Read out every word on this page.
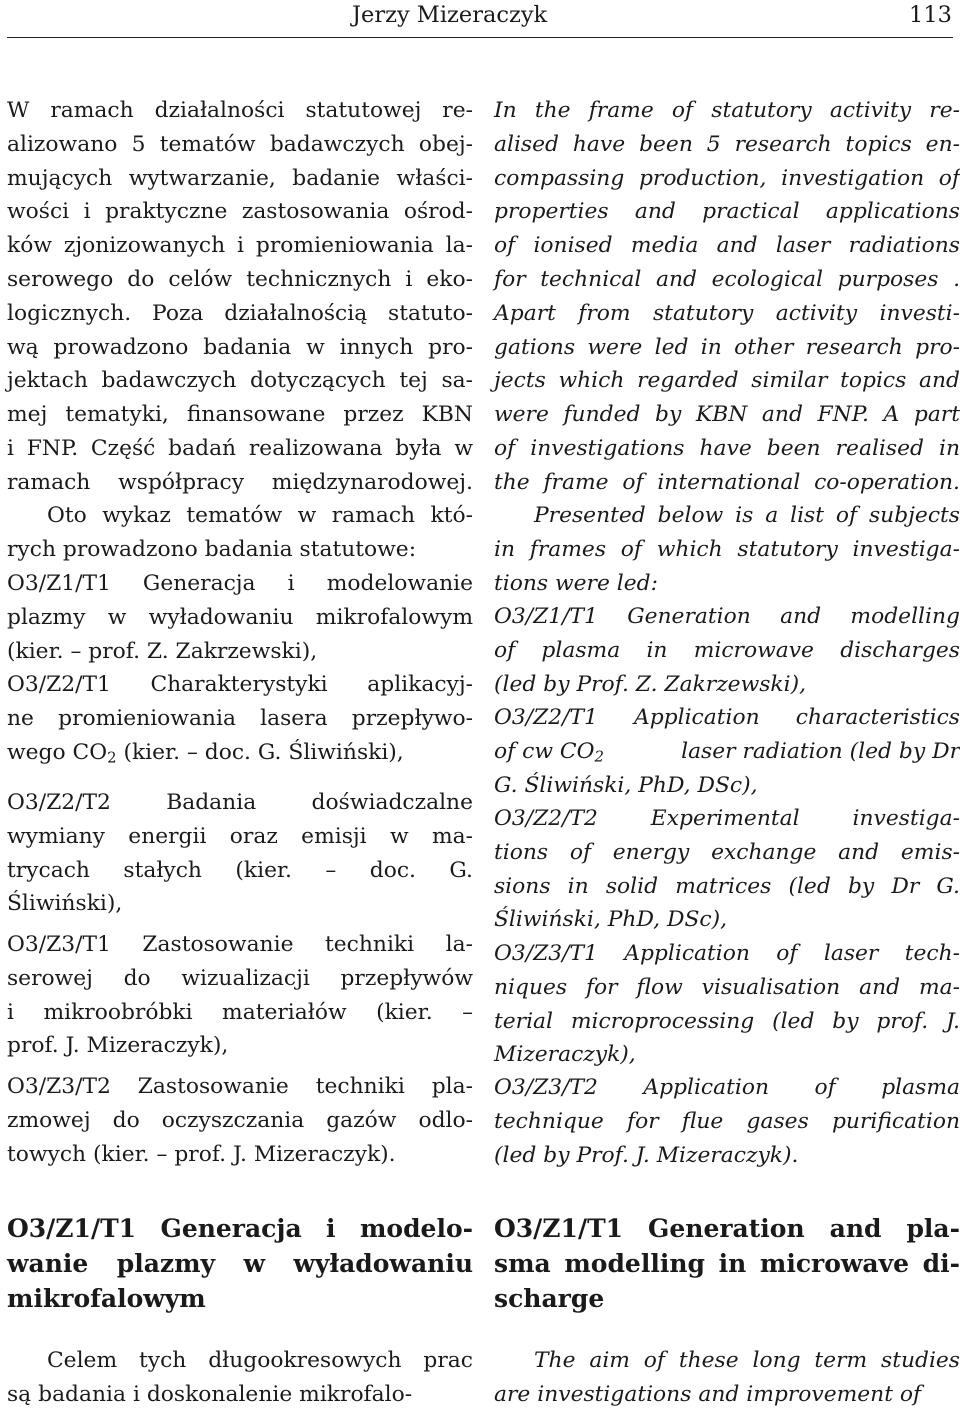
Jerzy Mizeraczyk	113
W ramach działalności statutowej re-
alizowano 5 tematów badawczych obej-
mujących wytwarzanie, badanie właści-
wości i praktyczne zastosowania ośrod-
ków zjonizowanych i promieniowania la-
serowego do celów technicznych i eko-
logicznych. Poza działalnością statuto-
wą prowadzono badania w innych pro-
jektach badawczych dotyczących tej sa-
mej tematyki, finansowane przez KBN
i FNP. Część badań realizowana była w
ramach współpracy międzynarodowej.
Oto wykaz tematów w ramach któ-
rych prowadzono badania statutowe:
O3/Z1/T1 Generacja i modelowanie
plazmy w wyładowaniu mikrofalowym
(kier. – prof. Z. Zakrzewski),
O3/Z2/T1 Charakterystyki aplikacyj-
ne promieniowania lasera przepływo-
wego $CO_2$ (kier. – doc. G. Śliwiński),
O3/Z2/T2 Badania doświadczalne
wymiany energii oraz emisji w ma-
trycach stałych (kier. – doc. G.
Śliwiński),
O3/Z3/T1 Zastosowanie techniki la-
serowej do wizualizacji przepływów
i mikroobróbki materiałów (kier. –
prof. J. Mizeraczyk),
O3/Z3/T2 Zastosowanie techniki pla-
zmowej do oczyszczania gazów odlo-
towych (kier. – prof. J. Mizeraczyk).
O3/Z1/T1 Generacja i modelo-
wanie plazmy w wyładowaniu
mikrofalowym
Celem tych długookresowych prac
są badania i doskonalenie mikrofalo-
In the frame of statutory activity re-
alised have been 5 research topics en-
compassing production, investigation of
properties and practical applications
of ionised media and laser radiations
for technical and ecological purposes .
Apart from statutory activity investi-
gations were led in other research pro-
jects which regarded similar topics and
were funded by KBN and FNP. A part
of investigations have been realised in
the frame of international co-operation.
Presented below is a list of subjects
in frames of which statutory investiga-
tions were led:
O3/Z1/T1 Generation and modelling
of plasma in microwave discharges
(led by Prof. Z. Zakrzewski),
O3/Z2/T1 Application characteristics
of cw $CO_2$	laser radiation (led by Dr
G. Śliwiński, PhD, DSc),
O3/Z2/T2 Experimental investiga-
tions of energy exchange and emis-
sions in solid matrices (led by Dr G.
Śliwiński, PhD, DSc),
O3/Z3/T1 Application of laser tech-
niques for flow visualisation and ma-
terial microprocessing (led by prof. J.
Mizeraczyk),
O3/Z3/T2 Application of plasma
technique for flue gases purification
(led by Prof. J. Mizeraczyk).
O3/Z1/T1 Generation and pla-
sma modelling in microwave di-
scharge
The aim of these long term studies
are investigations and improvement of
